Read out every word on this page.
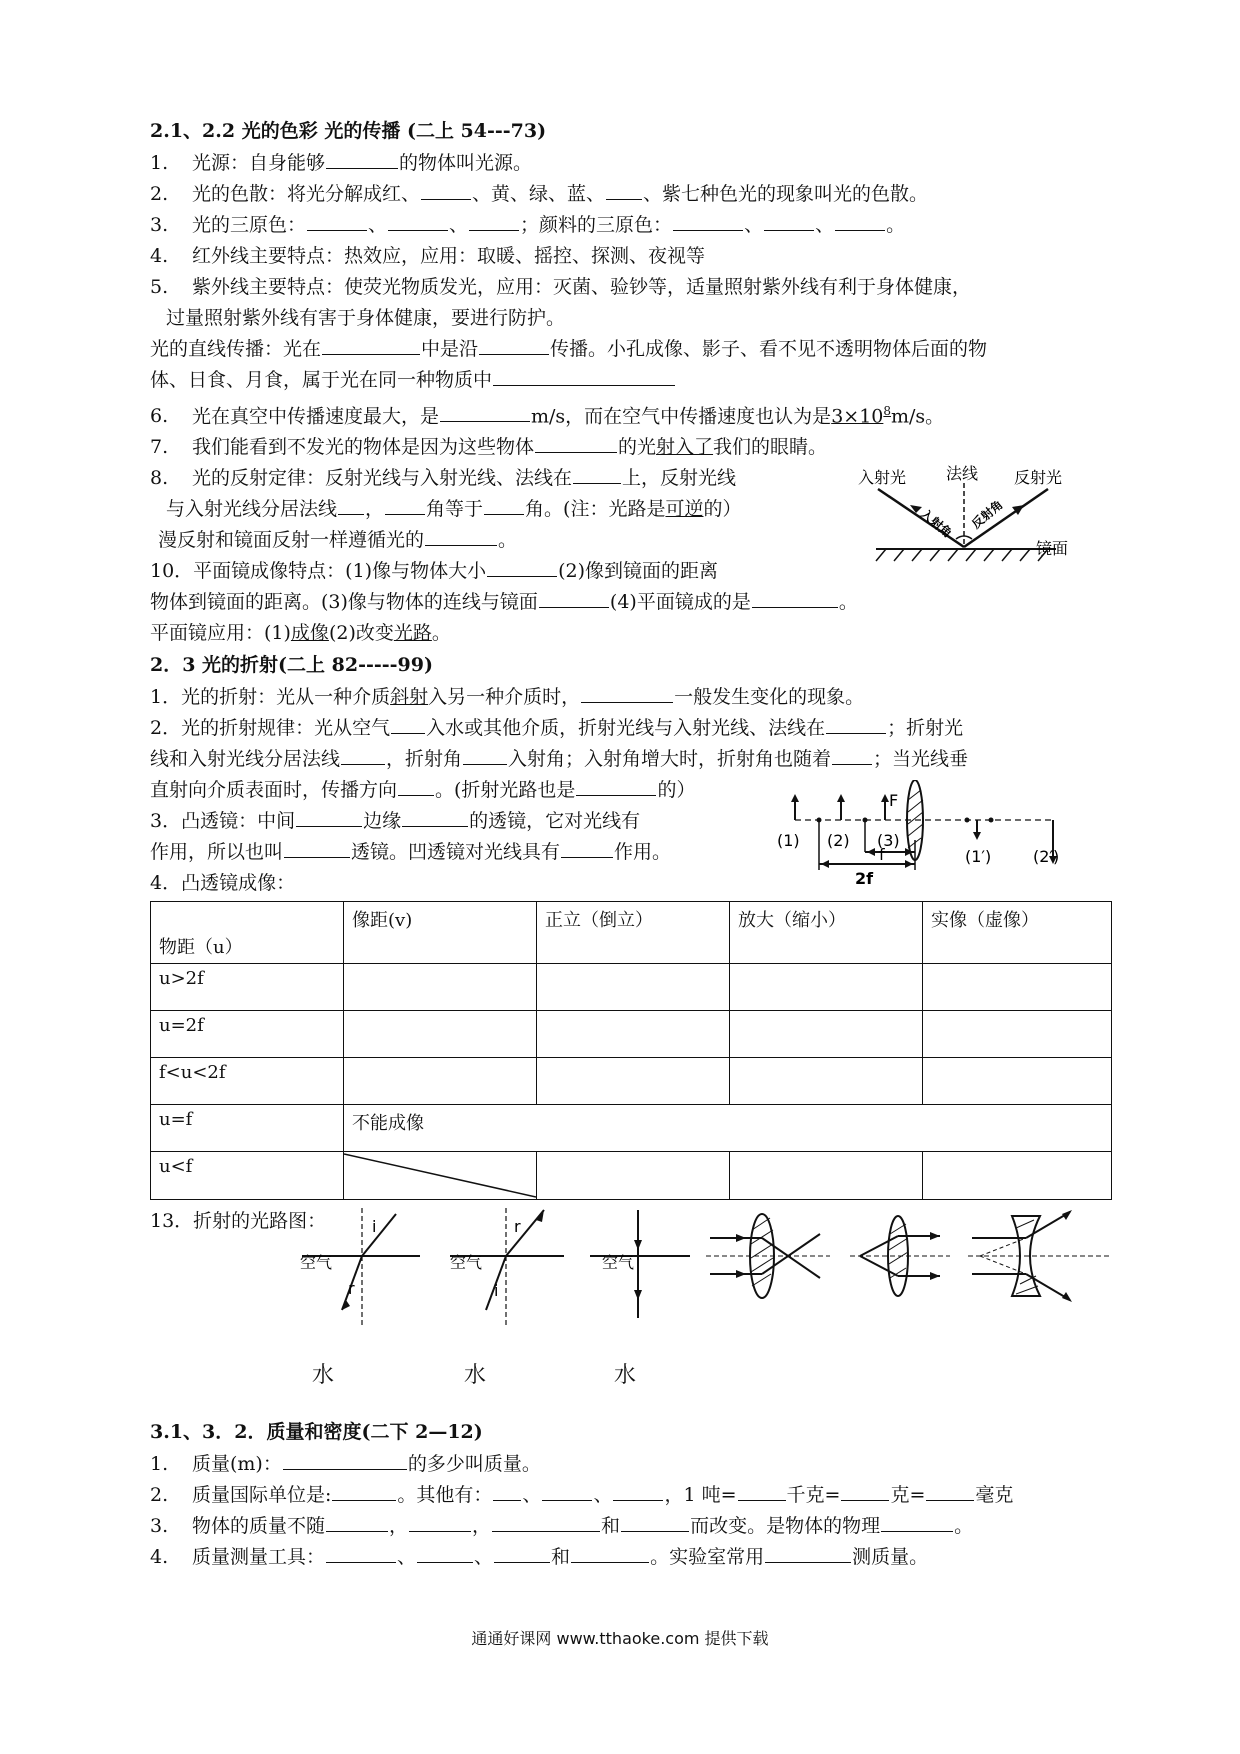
2.1、2.2 光的色彩 光的传播 (二上 54---73)

1. 光源：自身能够	的物体叫光源。

2. 光的色散：将光分解成红、	、黄、绿、蓝、 、紫七种色光的现象叫光的色散。

3. 光的三原色：	、	、	；颜料的三原色：	、	、	。

4. 红外线主要特点：热效应，应用：取暖、摇控、探测、夜视等

5. 紫外线主要特点：使荧光物质发光，应用：灭菌、验钞等，适量照射紫外线有利于身体健康，

过量照射紫外线有害于身体健康，要进行防护。

光的直线传播：光在	中是沿	传播。小孔成像、影子、看不见不透明物体后面的物

体、日食、月食，属于光在同一种物质中

6. 光在真空中传播速度最大，是	m/s，而在空气中传播速度也认为是$3\times 10^8m/s$。

7. 我们能看到不发光的物体是因为这些物体	的光射入了我们的眼睛。

8. 光的反射定律：反射光线与入射光线、法线在	上，反射光线

与入射光线分居法线 ， 角等于 角。(注：光路是可逆的）

漫反射和镜面反射一样遵循光的	。

入射光 法线 反射光
入射角 反射角
镜面

10．平面镜成像特点：(1)像与物体大小	(2)像到镜面的距离

物体到镜面的距离。(3)像与物体的连线与镜面	(4)平面镜成的是	。

平面镜应用：(1)成像(2)改变光路。

2．3 光的折射(二上 82-----99)

1．光的折射：光从一种介质斜射入另一种介质时，	一般发生变化的现象。

2．光的折射规律：光从空气 入水或其他介质，折射光线与入射光线、法线在	；折射光

线和入射光线分居法线 ，折射角 入射角；入射角增大时，折射角也随着 ；当光线垂

直射向介质表面时，传播方向 。(折射光路也是	的）

3．凸透镜：中间	边缘	的透镜，它对光线有

作用，所以也叫	透镜。凹透镜对光线具有	作用。

4．凸透镜成像：

F
(1) (2) (3)
f
2f
(1′)	(2′)
物距（u）	像距(v)	正立（倒立）	放大（缩小）	实像（虚像）
u>2f				
u=2f				
f<u<2f				
u=f	不能成像			
u<f	

13．折射的光路图：	i
r
空气
r
i
空气	空气
水	水	水

3.1、3．2．质量和密度(二下 2—12)

1. 质量(m)：	的多少叫质量。

2. 质量国际单位是:	。其他有： 、	、	，1 吨=	千克=	克=	毫克

3. 物体的质量不随	，	，	和	而改变。是物体的物理	。

4. 质量测量工具：	、	、	和	。实验室常用	测质量。

通通好课网 www.tthaoke.com 提供下载
